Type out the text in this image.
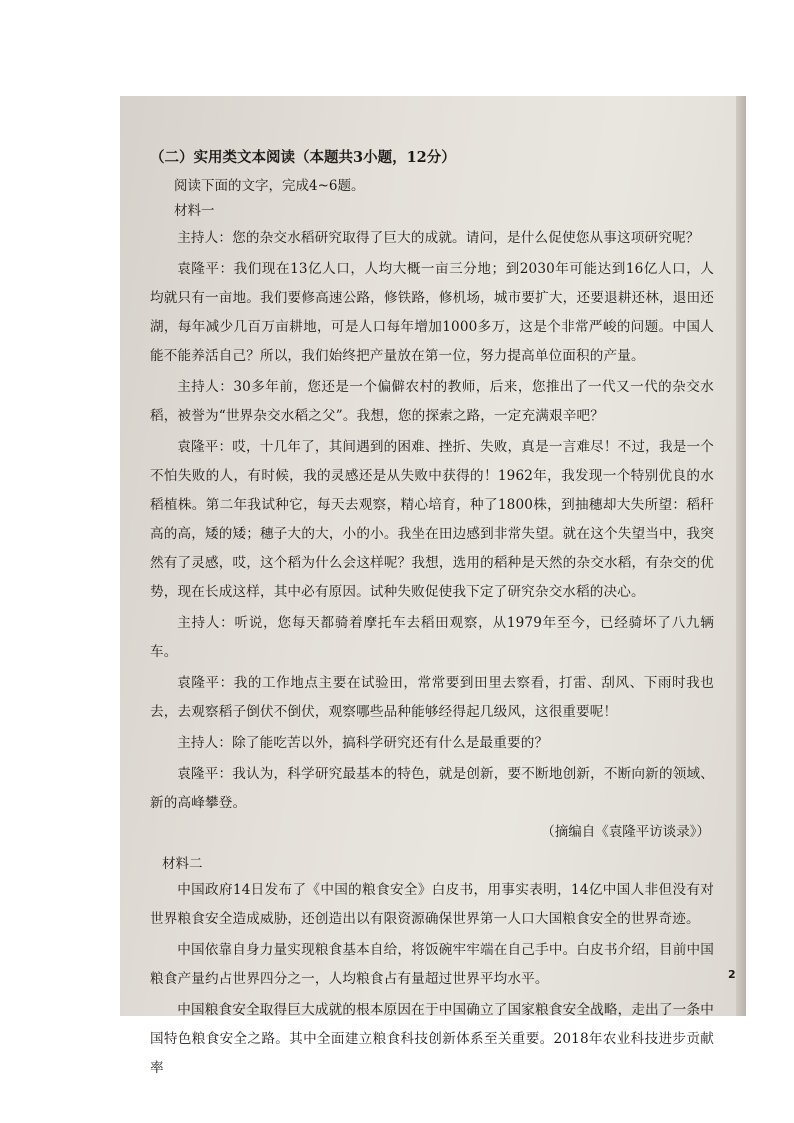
（二）实用类文本阅读（本题共3小题，12分）
阅读下面的文字，完成4~6题。
材料一

主持人：您的杂交水稻研究取得了巨大的成就。请问，是什么促使您从事这项研究呢？

袁隆平：我们现在13亿人口，人均大概一亩三分地；到2030年可能达到16亿人口，人均就只有一亩地。我们要修高速公路，修铁路，修机场，城市要扩大，还要退耕还林，退田还湖，每年减少几百万亩耕地，可是人口每年增加1000多万，这是个非常严峻的问题。中国人能不能养活自己？所以，我们始终把产量放在第一位，努力提高单位面积的产量。

主持人：30多年前，您还是一个偏僻农村的教师，后来，您推出了一代又一代的杂交水稻，被誉为“世界杂交水稻之父”。我想，您的探索之路，一定充满艰辛吧？

袁隆平：哎，十几年了，其间遇到的困难、挫折、失败，真是一言难尽！不过，我是一个不怕失败的人，有时候，我的灵感还是从失败中获得的！1962年，我发现一个特别优良的水稻植株。第二年我试种它，每天去观察，精心培育，种了1800株，到抽穗却大失所望：稻秆高的高，矮的矮；穗子大的大，小的小。我坐在田边感到非常失望。就在这个失望当中，我突然有了灵感，哎，这个稻为什么会这样呢？我想，选用的稻种是天然的杂交水稻，有杂交的优势，现在长成这样，其中必有原因。试种失败促使我下定了研究杂交水稻的决心。

主持人：听说，您每天都骑着摩托车去稻田观察，从1979年至今，已经骑坏了八九辆车。

袁隆平：我的工作地点主要在试验田，常常要到田里去察看，打雷、刮风、下雨时我也去，去观察稻子倒伏不倒伏，观察哪些品种能够经得起几级风，这很重要呢！

主持人：除了能吃苦以外，搞科学研究还有什么是最重要的？

袁隆平：我认为，科学研究最基本的特色，就是创新，要不断地创新，不断向新的领域、新的高峰攀登。

（摘编自《袁隆平访谈录》）
材料二

中国政府14日发布了《中国的粮食安全》白皮书，用事实表明，14亿中国人非但没有对世界粮食安全造成威胁，还创造出以有限资源确保世界第一人口大国粮食安全的世界奇迹。

中国依靠自身力量实现粮食基本自给，将饭碗牢牢端在自己手中。白皮书介绍，目前中国粮食产量约占世界四分之一，人均粮食占有量超过世界平均水平。

中国粮食安全取得巨大成就的根本原因在于中国确立了国家粮食安全战略，走出了一条中国特色粮食安全之路。其中全面建立粮食科技创新体系至关重要。2018年农业科技进步贡献率

2
